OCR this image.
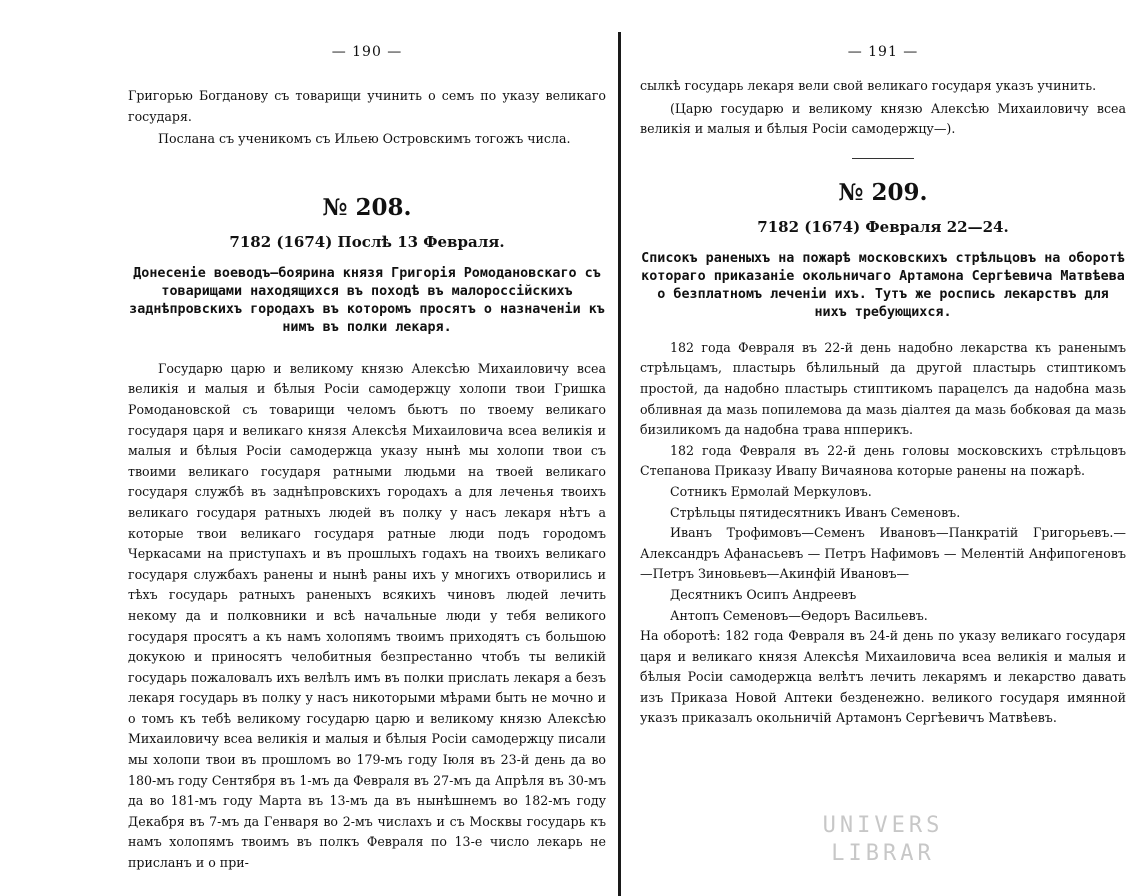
— 190 —

Григорью Богданову съ товарищи учинить о семъ по указу великаго государя.

Послана съ ученикомъ съ Ильею Островскимъ тогожъ числа.

№ 208.
7182 (1674) Послѣ 13 Февраля.

Донесеніе воеводъ—боярина князя Григорія Ромодановскаго съ товарищами находящихся въ походѣ въ малороссійскихъ заднѣпровскихъ городахъ въ которомъ просятъ о назначеніи къ нимъ въ полки лекаря.

Государю царю и великому князю Алексѣю Михаиловичу всеа великія и малыя и бѣлыя Росіи самодержцу холопи твои Гришка Ромодановской съ товарищи челомъ бьютъ по твоему великаго государя царя и великаго князя Алексѣя Михаиловича всеа великія и малыя и бѣлыя Росіи самодержца указу нынѣ мы холопи твои съ твоими великаго государя ратными людьми на твоей великаго государя службѣ въ заднѣпровскихъ городахъ а для леченья твоихъ великаго государя ратныхъ людей въ полку у насъ лекаря нѣтъ а которые твои великаго государя ратные люди подъ городомъ Черкасами на приступахъ и въ прошлыхъ годахъ на твоихъ великаго государя службахъ ранены и нынѣ раны ихъ у многихъ отворились и тѣхъ государь ратныхъ раненыхъ всякихъ чиновъ людей лечить некому да и полковники и всѣ начальные люди у тебя великого государя просятъ а къ намъ холопямъ твоимъ приходятъ съ большою докукою и приносятъ челобитныя безпрестанно чтобъ ты великій государь пожаловалъ ихъ велѣлъ имъ въ полки прислать лекаря а безъ лекаря государь въ полку у насъ никоторыми мѣрами быть не мочно и о томъ къ тебѣ великому государю царю и великому князю Алексѣю Михаиловичу всеа великія и малыя и бѣлыя Росіи самодержцу писали мы холопи твои въ прошломъ во 179-мъ году Іюля въ 23-й день да во 180-мъ году Сентября въ 1-мъ да Февраля въ 27-мъ да Апрѣля въ 30-мъ да во 181-мъ году Марта въ 13-мъ да въ нынѣшнемъ во 182-мъ году Декабря въ 7-мъ да Генваря во 2-мъ числахъ и съ Москвы государь къ намъ холопямъ твоимъ въ полкъ Февраля по 13-е число лекарь не присланъ и о при-

— 191 —

сылкѣ государь лекаря вели свой великаго государя указъ учинить.

(Царю государю и великому князю Алексѣю Михаиловичу всеа великія и малыя и бѣлыя Росіи самодержцу—).

№ 209.
7182 (1674) Февраля 22—24.

Списокъ раненыхъ на пожарѣ московскихъ стрѣльцовъ на оборотѣ котораго приказаніе окольничаго Артамона Сергѣевича Матвѣева о безплатномъ леченіи ихъ. Тутъ же роспись лекарствъ для нихъ требующихся.

182 года Февраля въ 22-й день надобно лекарства къ раненымъ стрѣльцамъ, пластырь бѣлильный да другой пластырь стиптикомъ простой, да надобно пластырь стиптикомъ парацелсъ да надобна мазь обливная да мазь попилемова да мазь діалтея да мазь бобковая да мазь бизиликомъ да надобна трава нпперикъ.

182 года Февраля въ 22-й день головы московскихъ стрѣльцовъ Степанова Приказу Ивапу Вичаянова которые ранены на пожарѣ.

Сотникъ Ермолай Меркуловъ.

Стрѣльцы пятидесятникъ Иванъ Семеновъ.

Иванъ Трофимовъ—Семенъ Ивановъ—Панкратій Григорьевъ.— Александръ Афанасьевъ — Петръ Нафимовъ — Мелентій Анфипогеновъ—Петръ Зиновьевъ—Акинфій Ивановъ—

Десятникъ Осипъ Андреевъ

Антопъ Семеновъ—Ѳедоръ Васильевъ.

На оборотѣ: 182 года Февраля въ 24-й день по указу великаго государя царя и великаго князя Алексѣя Михаиловича всеа великія и малыя и бѣлыя Росіи самодержца велѣтъ лечить лекарямъ и лекарство давать изъ Приказа Новой Аптеки безденежно. великого государя имянной указъ приказалъ окольничій Артамонъ Сергѣевичъ Матвѣевъ.

UNIVERS LIBRAR
